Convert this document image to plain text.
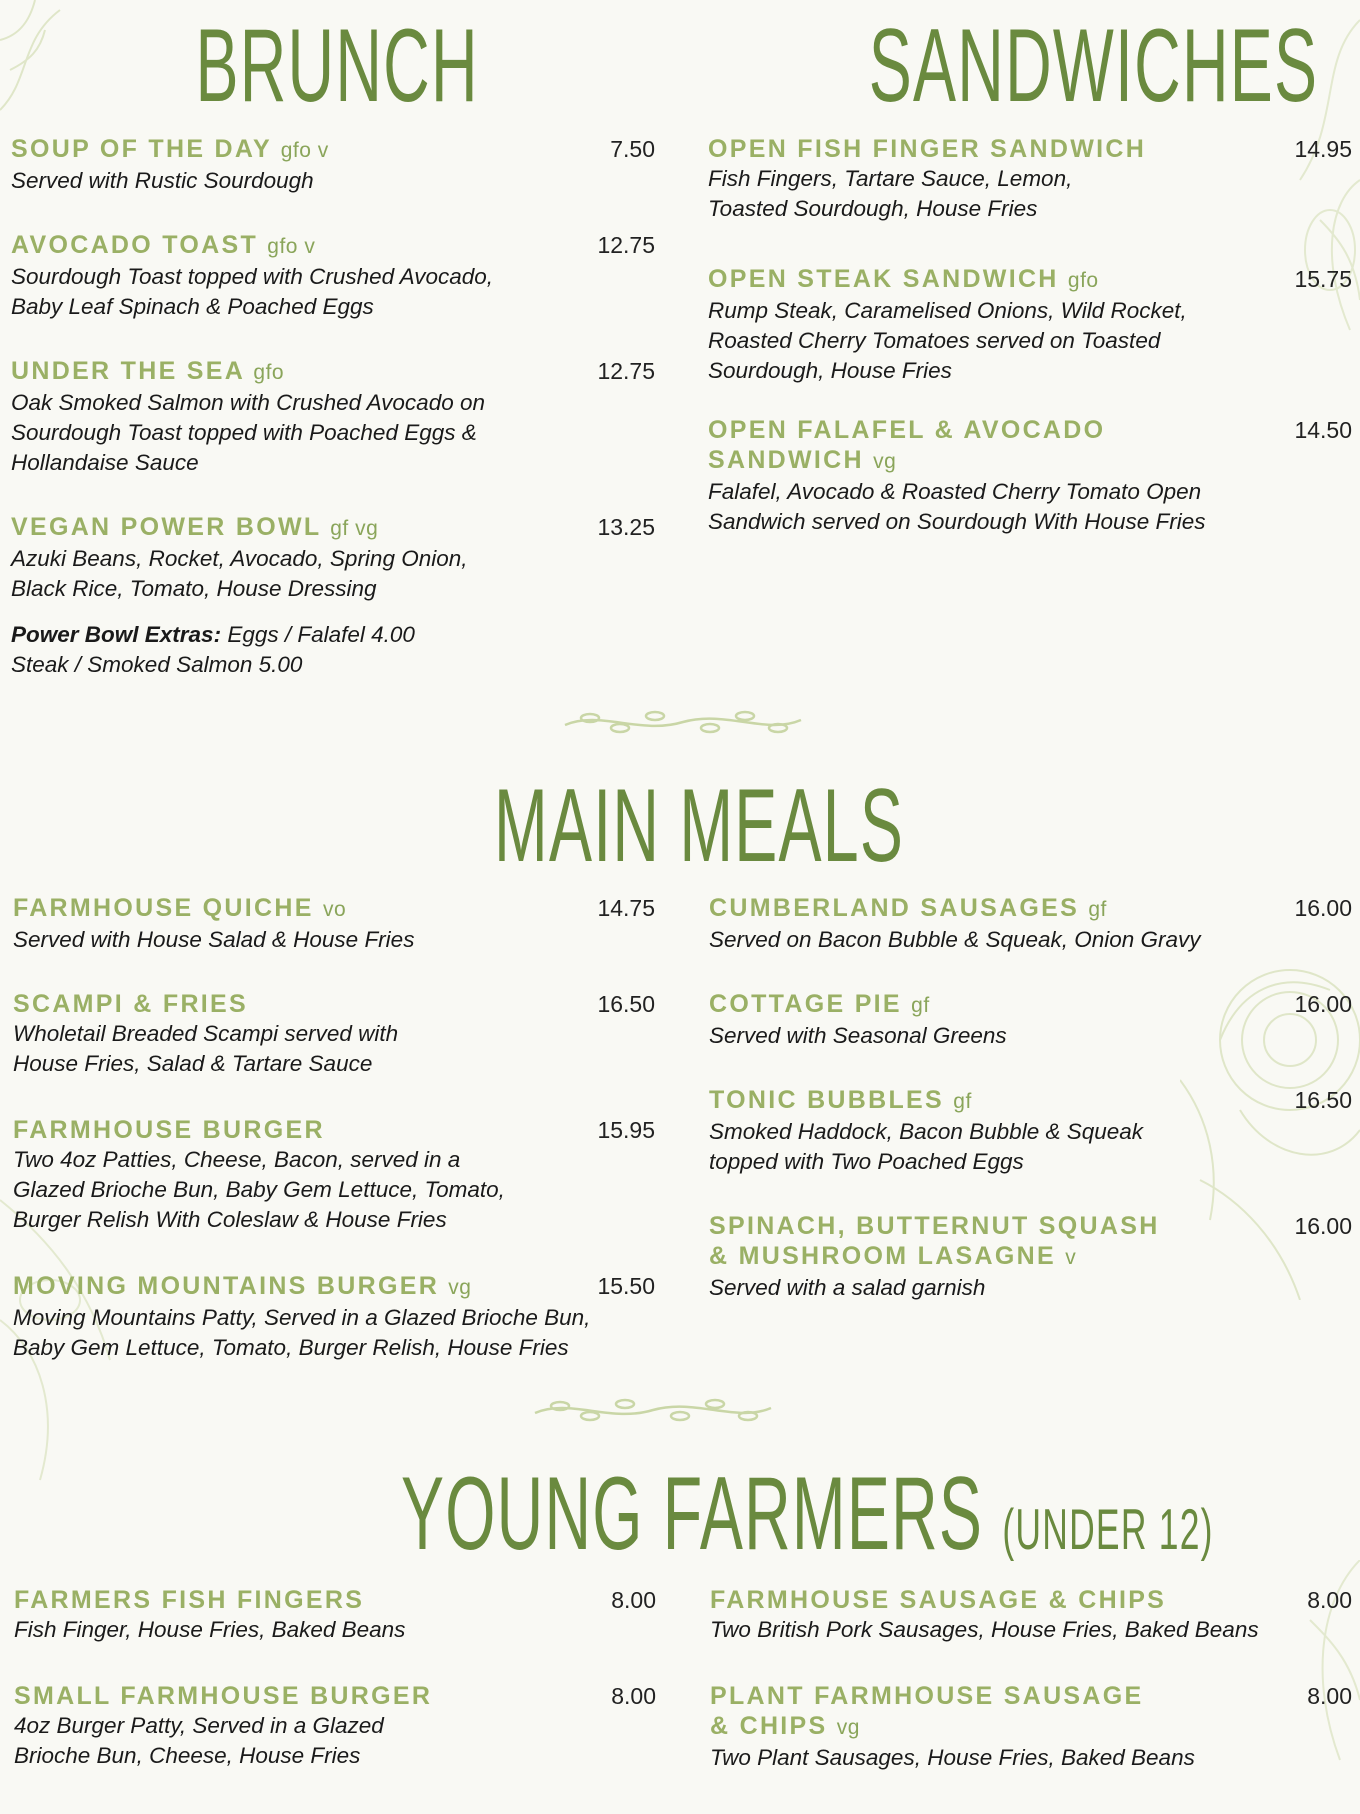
BRUNCH
SOUP OF THE DAY gfo v	7.50

Served with Rustic Sourdough

AVOCADO TOAST gfo v	12.75

Sourdough Toast topped with Crushed Avocado,

Baby Leaf Spinach & Poached Eggs

UNDER THE SEA gfo	12.75

Oak Smoked Salmon with Crushed Avocado on

Sourdough Toast topped with Poached Eggs &

Hollandaise Sauce

VEGAN POWER BOWL gf vg	13.25

Azuki Beans, Rocket, Avocado, Spring Onion,

Black Rice, Tomato, House Dressing

Power Bowl Extras: Eggs / Falafel 4.00
Steak / Smoked Salmon 5.00
SANDWICHES
OPEN FISH FINGER SANDWICH	14.95

Fish Fingers, Tartare Sauce, Lemon,

Toasted Sourdough, House Fries

OPEN STEAK SANDWICH gfo	15.75

Rump Steak, Caramelised Onions, Wild Rocket,

Roasted Cherry Tomatoes served on Toasted

Sourdough, House Fries

OPEN FALAFEL & AVOCADO
SANDWICH vg
14.50

Falafel, Avocado & Roasted Cherry Tomato Open

Sandwich served on Sourdough With House Fries

MAIN MEALS
FARMHOUSE QUICHE vo	14.75

Served with House Salad & House Fries

SCAMPI & FRIES	16.50

Wholetail Breaded Scampi served with

House Fries, Salad & Tartare Sauce

FARMHOUSE BURGER	15.95

Two 4oz Patties, Cheese, Bacon, served in a

Glazed Brioche Bun, Baby Gem Lettuce, Tomato,

Burger Relish With Coleslaw & House Fries

MOVING MOUNTAINS BURGER vg	15.50

Moving Mountains Patty, Served in a Glazed Brioche Bun,

Baby Gem Lettuce, Tomato, Burger Relish, House Fries

CUMBERLAND SAUSAGES gf	16.00

Served on Bacon Bubble & Squeak, Onion Gravy

COTTAGE PIE gf	16.00

Served with Seasonal Greens

TONIC BUBBLES gf	16.50

Smoked Haddock, Bacon Bubble & Squeak

topped with Two Poached Eggs

SPINACH, BUTTERNUT SQUASH
& MUSHROOM LASAGNE v
16.00

Served with a salad garnish

YOUNG FARMERS (UNDER 12)
FARMERS FISH FINGERS	8.00

Fish Finger, House Fries, Baked Beans

SMALL FARMHOUSE BURGER	8.00

4oz Burger Patty, Served in a Glazed

Brioche Bun, Cheese, House Fries

FARMHOUSE SAUSAGE & CHIPS	8.00

Two British Pork Sausages, House Fries, Baked Beans

PLANT FARMHOUSE SAUSAGE
& CHIPS vg
8.00

Two Plant Sausages, House Fries, Baked Beans
